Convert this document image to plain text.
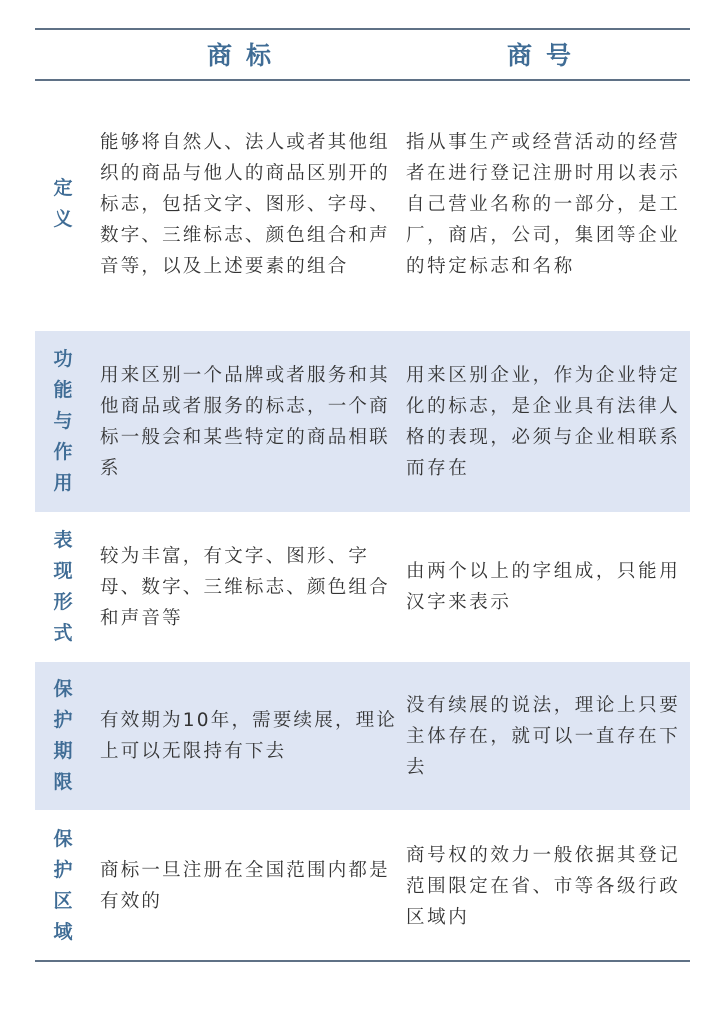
商标	商号
定
义
能够将自然人、法人或者其他组织的商品与他人的商品区别开的标志，包括文字、图形、字母、数字、三维标志、颜色组合和声音等，以及上述要素的组合
指从事生产或经营活动的经营者在进行登记注册时用以表示自己营业名称的一部分，是工厂，商店，公司，集团等企业的特定标志和名称
功
能
与
作
用
用来区别一个品牌或者服务和其他商品或者服务的标志，一个商标一般会和某些特定的商品相联系
用来区别企业，作为企业特定化的标志，是企业具有法律人格的表现，必须与企业相联系而存在
表
现
形
式
较为丰富，有文字、图形、字母、数字、三维标志、颜色组合和声音等
由两个以上的字组成，只能用汉字来表示
保
护
期
限
有效期为10年，需要续展，理论上可以无限持有下去
没有续展的说法，理论上只要主体存在，就可以一直存在下去
保
护
区
域
商标一旦注册在全国范围内都是有效的
商号权的效力一般依据其登记范围限定在省、市等各级行政区域内
